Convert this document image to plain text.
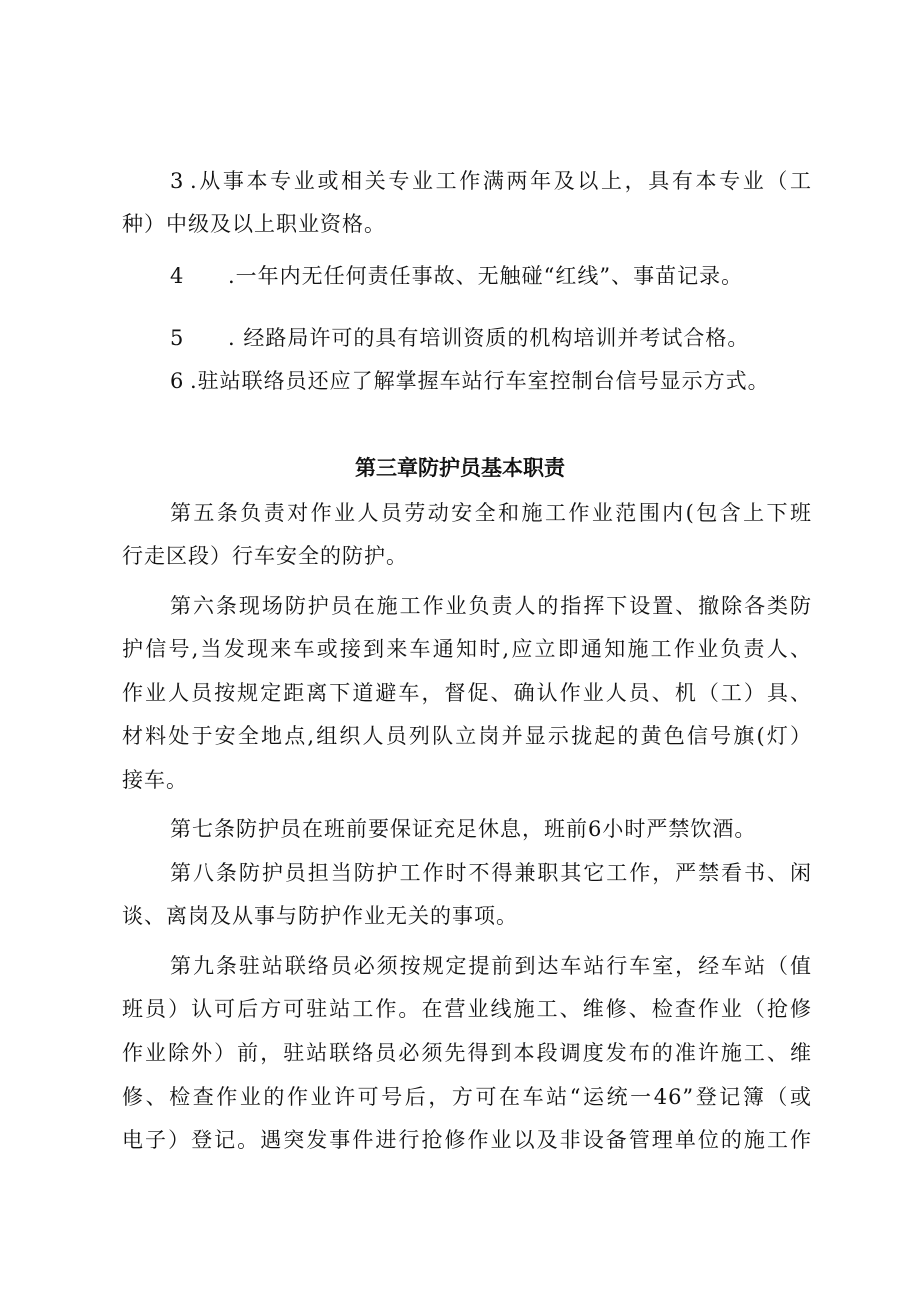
3 .从事本专业或相关专业工作满两年及以上，具有本专业（工
种）中级及以上职业资格。
4 .一年内无任何责任事故、无触碰“红线”、事苗记录。
5 . 经路局许可的具有培训资质的机构培训并考试合格。
6 .驻站联络员还应了解掌握车站行车室控制台信号显示方式。
第三章防护员基本职责
第五条负责对作业人员劳动安全和施工作业范围内(包含上下班
行走区段）行车安全的防护。
第六条现场防护员在施工作业负责人的指挥下设置、撤除各类防
护信号,当发现来车或接到来车通知时,应立即通知施工作业负责人、
作业人员按规定距离下道避车，督促、确认作业人员、机（工）具、
材料处于安全地点,组织人员列队立岗并显示拢起的黄色信号旗(灯）
接车。
第七条防护员在班前要保证充足休息，班前6小时严禁饮酒。
第八条防护员担当防护工作时不得兼职其它工作，严禁看书、闲
谈、离岗及从事与防护作业无关的事项。
第九条驻站联络员必须按规定提前到达车站行车室，经车站（值
班员）认可后方可驻站工作。在营业线施工、维修、检查作业（抢修
作业除外）前，驻站联络员必须先得到本段调度发布的准许施工、维
修、检查作业的作业许可号后，方可在车站“运统一46”登记簿（或
电子）登记。遇突发事件进行抢修作业以及非设备管理单位的施工作
